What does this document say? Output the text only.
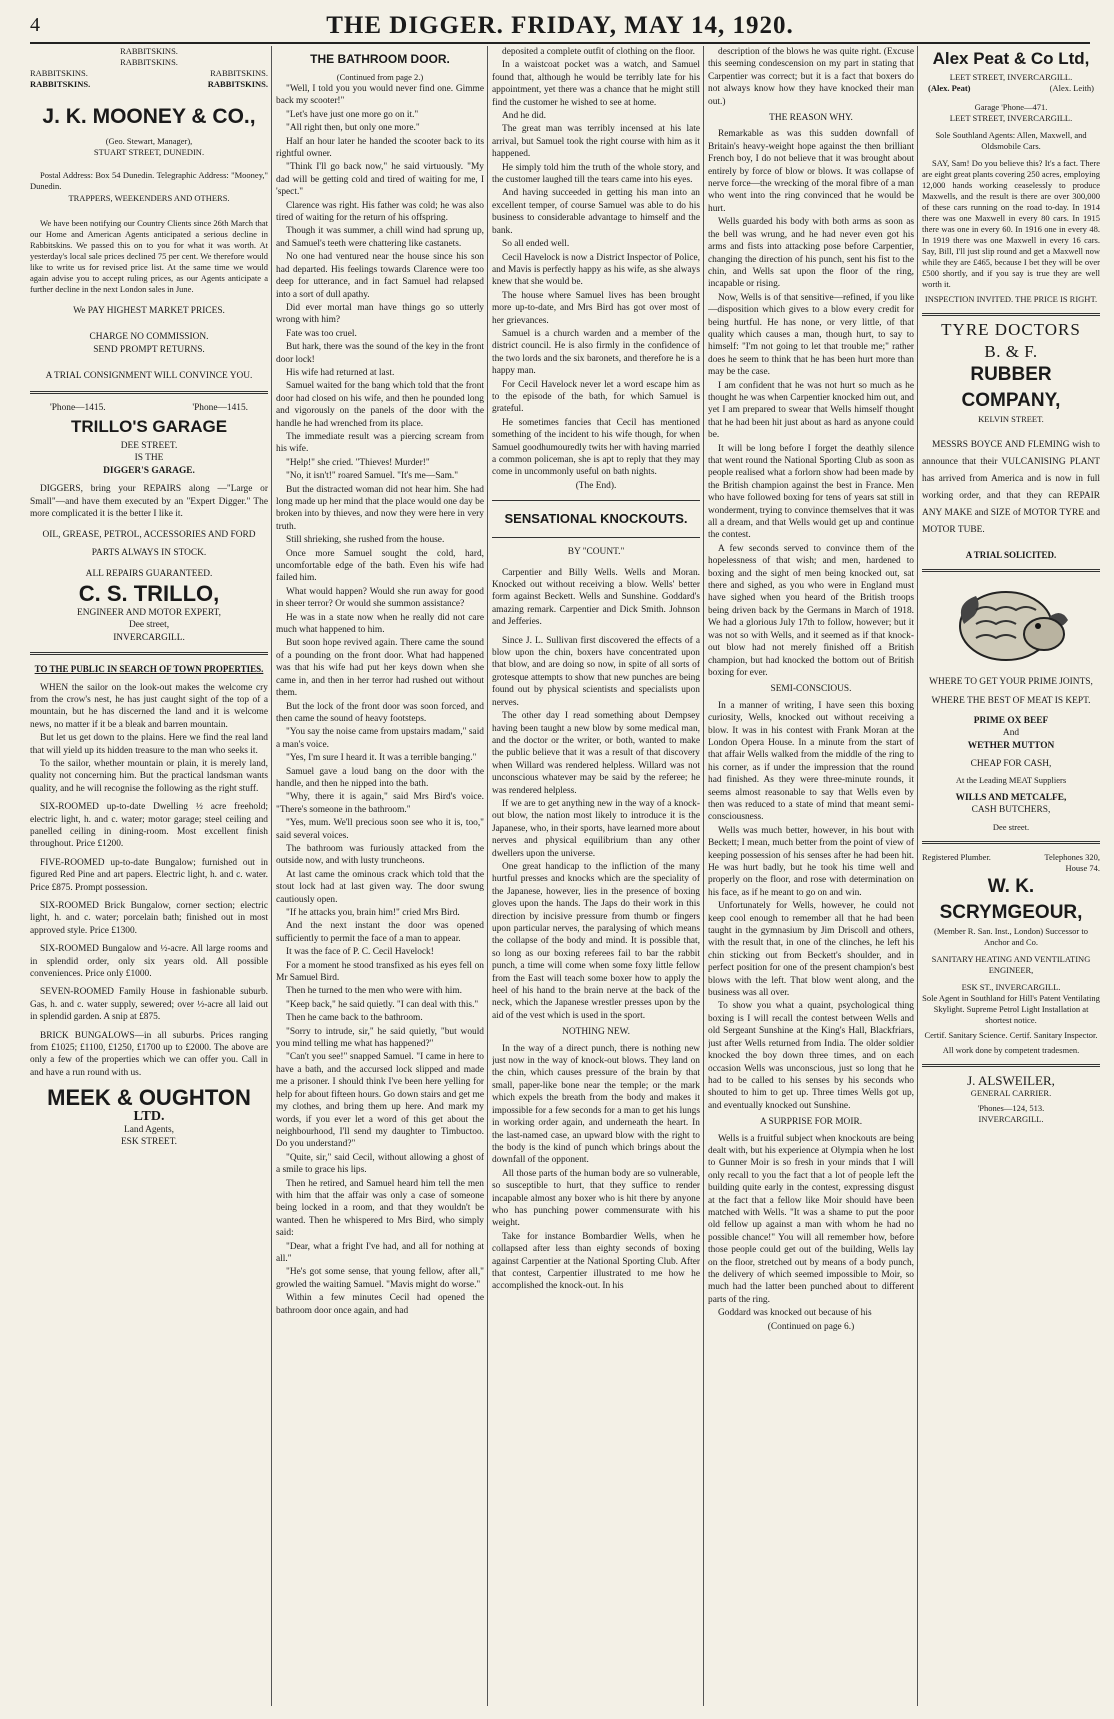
4	THE DIGGER. FRIDAY, MAY 14, 1920.
RABBITSKINS.
RABBITSKINS.
RABBITSKINS.	RABBITSKINS.
RABBITSKINS.	RABBITSKINS.
J. K. MOONEY & CO.,
(Geo. Stewart, Manager),
STUART STREET, DUNEDIN.

Postal Address: Box 54 Dunedin. Telegraphic Address: "Mooney," Dunedin.

TRAPPERS, WEEKENDERS AND OTHERS.

We have been notifying our Country Clients since 26th March that our Home and American Agents anticipated a serious decline in Rabbitskins. We passed this on to you for what it was worth. At yesterday's local sale prices declined 75 per cent. We therefore would like to write us for revised price list. At the same time we would again advise you to accept ruling prices, as our Agents anticipate a further decline in the next London sales in June.

We PAY HIGHEST MARKET PRICES.
CHARGE NO COMMISSION.
SEND PROMPT RETURNS.
A TRIAL CONSIGNMENT WILL CONVINCE YOU.
'Phone—1415.	'Phone—1415.
TRILLO'S GARAGE
DEE STREET.
IS THE
DIGGER'S GARAGE.

DIGGERS, bring your REPAIRS along —"Large or Small"—and have them executed by an "Expert Digger." The more complicated it is the better I like it.

OIL, GREASE, PETROL, ACCESSORIES AND FORD PARTS ALWAYS IN STOCK.
ALL REPAIRS GUARANTEED.
C. S. TRILLO,
ENGINEER AND MOTOR EXPERT,
Dee street,
INVERCARGILL.
TO THE PUBLIC IN SEARCH OF TOWN PROPERTIES.

WHEN the sailor on the look-out makes the welcome cry from the crow's nest, he has just caught sight of the top of a mountain, but he has discerned the land and it is welcome news, no matter if it be a bleak and barren mountain.

But let us get down to the plains. Here we find the real land that will yield up its hidden treasure to the man who seeks it.

To the sailor, whether mountain or plain, it is merely land, quality not concerning him. But the practical landsman wants quality, and he will recognise the following as the right stuff.

SIX-ROOMED up-to-date Dwelling ½ acre freehold; electric light, h. and c. water; motor garage; steel ceiling and panelled ceiling in dining-room. Most excellent finish throughout. Price £1200.

FIVE-ROOMED up-to-date Bungalow; furnished out in figured Red Pine and art papers. Electric light, h. and c. water. Price £875. Prompt possession.

SIX-ROOMED Brick Bungalow, corner section; electric light, h. and c. water; porcelain bath; finished out in most approved style. Price £1300.

SIX-ROOMED Bungalow and ½-acre. All large rooms and in splendid order, only six years old. All possible conveniences. Price only £1000.

SEVEN-ROOMED Family House in fashionable suburb. Gas, h. and c. water supply, sewered; over ½-acre all laid out in splendid garden. A snip at £875.

BRICK BUNGALOWS—in all suburbs. Prices ranging from £1025; £1100, £1250, £1700 up to £2000. The above are only a few of the properties which we can offer you. Call in and have a run round with us.

MEEK & OUGHTON
LTD.
Land Agents,
ESK STREET.
THE BATHROOM DOOR.
(Continued from page 2.)

"Well, I told you you would never find one. Gimme back my scooter!"

"Let's have just one more go on it."

"All right then, but only one more."

Half an hour later he handed the scooter back to its rightful owner.

"Think I'll go back now," he said virtuously. "My dad will be getting cold and tired of waiting for me, I 'spect."

Clarence was right. His father was cold; he was also tired of waiting for the return of his offspring.

Though it was summer, a chill wind had sprung up, and Samuel's teeth were chattering like castanets.

No one had ventured near the house since his son had departed. His feelings towards Clarence were too deep for utterance, and in fact Samuel had relapsed into a sort of dull apathy.

Did ever mortal man have things go so utterly wrong with him?

Fate was too cruel.

But hark, there was the sound of the key in the front door lock!

His wife had returned at last.

Samuel waited for the bang which told that the front door had closed on his wife, and then he pounded long and vigorously on the panels of the door with the handle he had wrenched from its place.

The immediate result was a piercing scream from his wife.

"Help!" she cried. "Thieves! Murder!"

"No, it isn't!" roared Samuel. "It's me—Sam."

But the distracted woman did not hear him. She had long made up her mind that the place would one day be broken into by thieves, and now they were here in very truth.

Still shrieking, she rushed from the house.

Once more Samuel sought the cold, hard, uncomfortable edge of the bath. Even his wife had failed him.

What would happen? Would she run away for good in sheer terror? Or would she summon assistance?

He was in a state now when he really did not care much what happened to him.

But soon hope revived again. There came the sound of a pounding on the front door. What had happened was that his wife had put her keys down when she came in, and then in her terror had rushed out without them.

But the lock of the front door was soon forced, and then came the sound of heavy footsteps.

"You say the noise came from upstairs madam," said a man's voice.

"Yes, I'm sure I heard it. It was a terrible banging."

Samuel gave a loud bang on the door with the handle, and then he nipped into the bath.

"Why, there it is again," said Mrs Bird's voice. "There's someone in the bathroom."

"Yes, mum. We'll precious soon see who it is, too," said several voices.

The bathroom was furiously attacked from the outside now, and with lusty truncheons.

At last came the ominous crack which told that the stout lock had at last given way. The door swung cautiously open.

"If he attacks you, brain him!" cried Mrs Bird.

And the next instant the door was opened sufficiently to permit the face of a man to appear.

It was the face of P. C. Cecil Havelock!

For a moment he stood transfixed as his eyes fell on Mr Samuel Bird.

Then he turned to the men who were with him.

"Keep back," he said quietly. "I can deal with this."

Then he came back to the bathroom.

"Sorry to intrude, sir," he said quietly, "but would you mind telling me what has happened?"

"Can't you see!" snapped Samuel. "I came in here to have a bath, and the accursed lock slipped and made me a prisoner. I should think I've been here yelling for help for about fifteen hours. Go down stairs and get me my clothes, and bring them up here. And mark my words, if you ever let a word of this get about the neighbourhood, I'll send my daughter to Timbuctoo. Do you understand?"

"Quite, sir," said Cecil, without allowing a ghost of a smile to grace his lips.

Then he retired, and Samuel heard him tell the men with him that the affair was only a case of someone being locked in a room, and that they wouldn't be wanted. Then he whispered to Mrs Bird, who simply said:

"Dear, what a fright I've had, and all for nothing at all."

"He's got some sense, that young fellow, after all," growled the waiting Samuel. "Mavis might do worse."

Within a few minutes Cecil had opened the bathroom door once again, and had

deposited a complete outfit of clothing on the floor.

In a waistcoat pocket was a watch, and Samuel found that, although he would be terribly late for his appointment, yet there was a chance that he might still find the customer he wished to see at home.

And he did.

The great man was terribly incensed at his late arrival, but Samuel took the right course with him as it happened.

He simply told him the truth of the whole story, and the customer laughed till the tears came into his eyes.

And having succeeded in getting his man into an excellent temper, of course Samuel was able to do his business to considerable advantage to himself and the bank.

So all ended well.

Cecil Havelock is now a District Inspector of Police, and Mavis is perfectly happy as his wife, as she always knew that she would be.

The house where Samuel lives has been brought more up-to-date, and Mrs Bird has got over most of her grievances.

Samuel is a church warden and a member of the district council. He is also firmly in the confidence of the two lords and the six baronets, and therefore he is a happy man.

For Cecil Havelock never let a word escape him as to the episode of the bath, for which Samuel is grateful.

He sometimes fancies that Cecil has mentioned something of the incident to his wife though, for when Samuel goodhumouredly twits her with having married a common policeman, she is apt to reply that they may come in uncommonly useful on bath nights.

(The End).
SENSATIONAL KNOCKOUTS.
BY "COUNT."

Carpentier and Billy Wells. Wells and Moran. Knocked out without receiving a blow. Wells' better form against Beckett. Wells and Sunshine. Goddard's amazing remark. Carpentier and Dick Smith. Johnson and Jefferies.

Since J. L. Sullivan first discovered the effects of a blow upon the chin, boxers have concentrated upon that blow, and are doing so now, in spite of all sorts of grotesque attempts to show that new punches are being found out by physical scientists and specialists upon nerves.

The other day I read something about Dempsey having been taught a new blow by some medical man, and the doctor or the writer, or both, wanted to make the public believe that it was a result of that discovery when Willard was rendered helpless. Willard was not unconscious whatever may be said by the referee; he was rendered helpless.

If we are to get anything new in the way of a knock-out blow, the nation most likely to introduce it is the Japanese, who, in their sports, have learned more about nerves and physical equilibrium than any other dwellers upon the universe.

One great handicap to the infliction of the many hurtful presses and knocks which are the speciality of the Japanese, however, lies in the presence of boxing gloves upon the hands. The Japs do their work in this direction by incisive pressure from thumb or fingers upon particular nerves, the paralysing of which means the collapse of the body and mind. It is possible that, so long as our boxing referees fail to bar the rabbit punch, a time will come when some foxy little fellow from the East will teach some boxer how to apply the heel of his hand to the brain nerve at the back of the neck, which the Japanese wrestler presses upon by the aid of the vest which is used in the sport.

NOTHING NEW.

In the way of a direct punch, there is nothing new just now in the way of knock-out blows. They land on the chin, which causes pressure of the brain by that small, paper-like bone near the temple; or the mark which expels the breath from the body and makes it impossible for a few seconds for a man to get his lungs in working order again, and underneath the heart. In the last-named case, an upward blow with the right to the body is the kind of punch which brings about the downfall of the opponent.

All those parts of the human body are so vulnerable, so susceptible to hurt, that they suffice to render incapable almost any boxer who is hit there by anyone who has punching power commensurate with his weight.

Take for instance Bombardier Wells, when he collapsed after less than eighty seconds of boxing against Carpentier at the National Sporting Club. After that contest, Carpentier illustrated to me how he accomplished the knock-out. In his

description of the blows he was quite right. (Excuse this seeming condescension on my part in stating that Carpentier was correct; but it is a fact that boxers do not always know how they have knocked their man out.)

THE REASON WHY.

Remarkable as was this sudden downfall of Britain's heavy-weight hope against the then brilliant French boy, I do not believe that it was brought about entirely by force of blow or blows. It was collapse of nerve force—the wrecking of the moral fibre of a man who went into the ring convinced that he would be hurt.

Wells guarded his body with both arms as soon as the bell was wrung, and he had never even got his arms and fists into attacking pose before Carpentier, changing the direction of his punch, sent his fist to the chin, and Wells sat upon the floor of the ring, incapable or rising.

Now, Wells is of that sensitive—refined, if you like—disposition which gives to a blow every credit for being hurtful. He has none, or very little, of that quality which causes a man, though hurt, to say to himself: "I'm not going to let that trouble me;" rather does he seem to think that he has been hurt more than may be the case.

I am confident that he was not hurt so much as he thought he was when Carpentier knocked him out, and yet I am prepared to swear that Wells himself thought that he had been hit just about as hard as anyone could be.

It will be long before I forget the deathly silence that went round the National Sporting Club as soon as people realised what a forlorn show had been made by the British champion against the best in France. Men who have followed boxing for tens of years sat still in wonderment, trying to convince themselves that it was all a dream, and that Wells would get up and continue the contest.

A few seconds served to convince them of the hopelessness of that wish; and men, hardened to boxing and the sight of men being knocked out, sat there and sighed, as you who were in England must have sighed when you heard of the British troops being driven back by the Germans in March of 1918. We had a glorious July 17th to follow, however; but it was not so with Wells, and it seemed as if that knock-out blow had not merely finished off a British champion, but had knocked the bottom out of British boxing for ever.

SEMI-CONSCIOUS.

In a manner of writing, I have seen this boxing curiosity, Wells, knocked out without receiving a blow. It was in his contest with Frank Moran at the London Opera House. In a minute from the start of that affair Wells walked from the middle of the ring to his corner, as if under the impression that the round had finished. As they were three-minute rounds, it seems almost reasonable to say that Wells even by then was reduced to a state of mind that meant semi-consciousness.

Wells was much better, however, in his bout with Beckett; I mean, much better from the point of view of keeping possession of his senses after he had been hit. He was hurt badly, but he took his time well and properly on the floor, and rose with determination on his face, as if he meant to go on and win.

Unfortunately for Wells, however, he could not keep cool enough to remember all that he had been taught in the gymnasium by Jim Driscoll and others, with the result that, in one of the clinches, he left his chin sticking out from Beckett's shoulder, and in perfect position for one of the present champion's best blows with the left. That blow went along, and the business was all over.

To show you what a quaint, psychological thing boxing is I will recall the contest between Wells and old Sergeant Sunshine at the King's Hall, Blackfriars, just after Wells returned from India. The older soldier knocked the boy down three times, and on each occasion Wells was unconscious, just so long that he had to be called to his senses by his seconds who shouted to him to get up. Three times Wells got up, and eventually knocked out Sunshine.

A SURPRISE FOR MOIR.

Wells is a fruitful subject when knockouts are being dealt with, but his experience at Olympia when he lost to Gunner Moir is so fresh in your minds that I will only recall to you the fact that a lot of people left the building quite early in the contest, expressing disgust at the fact that a fellow like Moir should have been matched with Wells. "It was a shame to put the poor old fellow up against a man with whom he had no possible chance!" You will all remember how, before those people could get out of the building, Wells lay on the floor, stretched out by means of a body punch, the delivery of which seemed impossible to Moir, so much had the latter been punched about to different parts of the ring.

Goddard was knocked out because of his

(Continued on page 6.)
Alex Peat & Co Ltd,
LEET STREET, INVERCARGILL.
(Alex. Peat)	(Alex. Leith)
Garage 'Phone—471.
LEET STREET, INVERCARGILL.
Sole Southland Agents: Allen, Maxwell, and Oldsmobile Cars.

SAY, Sam! Do you believe this? It's a fact. There are eight great plants covering 250 acres, employing 12,000 hands working ceaselessly to produce Maxwells, and the result is there are over 300,000 of these cars running on the road to-day. In 1914 there was one Maxwell in every 80 cars. In 1915 there was one in every 60. In 1916 one in every 48. In 1919 there was one Maxwell in every 16 cars. Say, Bill, I'll just slip round and get a Maxwell now while they are £465, because I bet they will be over £500 shortly, and if you say is true they are well worth it.

INSPECTION INVITED. THE PRICE IS RIGHT.
TYRE DOCTORS
B. & F.
RUBBER COMPANY,
KELVIN STREET.

MESSRS BOYCE AND FLEMING wish to announce that their VULCANISING PLANT has arrived from America and is now in full working order, and that they can REPAIR ANY MAKE and SIZE of MOTOR TYRE and MOTOR TUBE.

A TRIAL SOLICITED.
WHERE TO GET YOUR PRIME JOINTS,
WHERE THE BEST OF MEAT IS KEPT.
PRIME OX BEEF
And
WETHER MUTTON
CHEAP FOR CASH,
At the Leading MEAT Suppliers
WILLS AND METCALFE,
CASH BUTCHERS,
Dee street.
Registered Plumber.	Telephones 320, House 74.
W. K. SCRYMGEOUR,
(Member R. San. Inst., London) Successor to Anchor and Co.
SANITARY HEATING AND VENTILATING ENGINEER,
ESK ST., INVERCARGILL.
Sole Agent in Southland for Hill's Patent Ventilating Skylight. Supreme Petrol Light Installation at shortest notice.
Certif. Sanitary Science. Certif. Sanitary Inspector.
All work done by competent tradesmen.
J. ALSWEILER,
GENERAL CARRIER.
'Phones—124, 513.
INVERCARGILL.
